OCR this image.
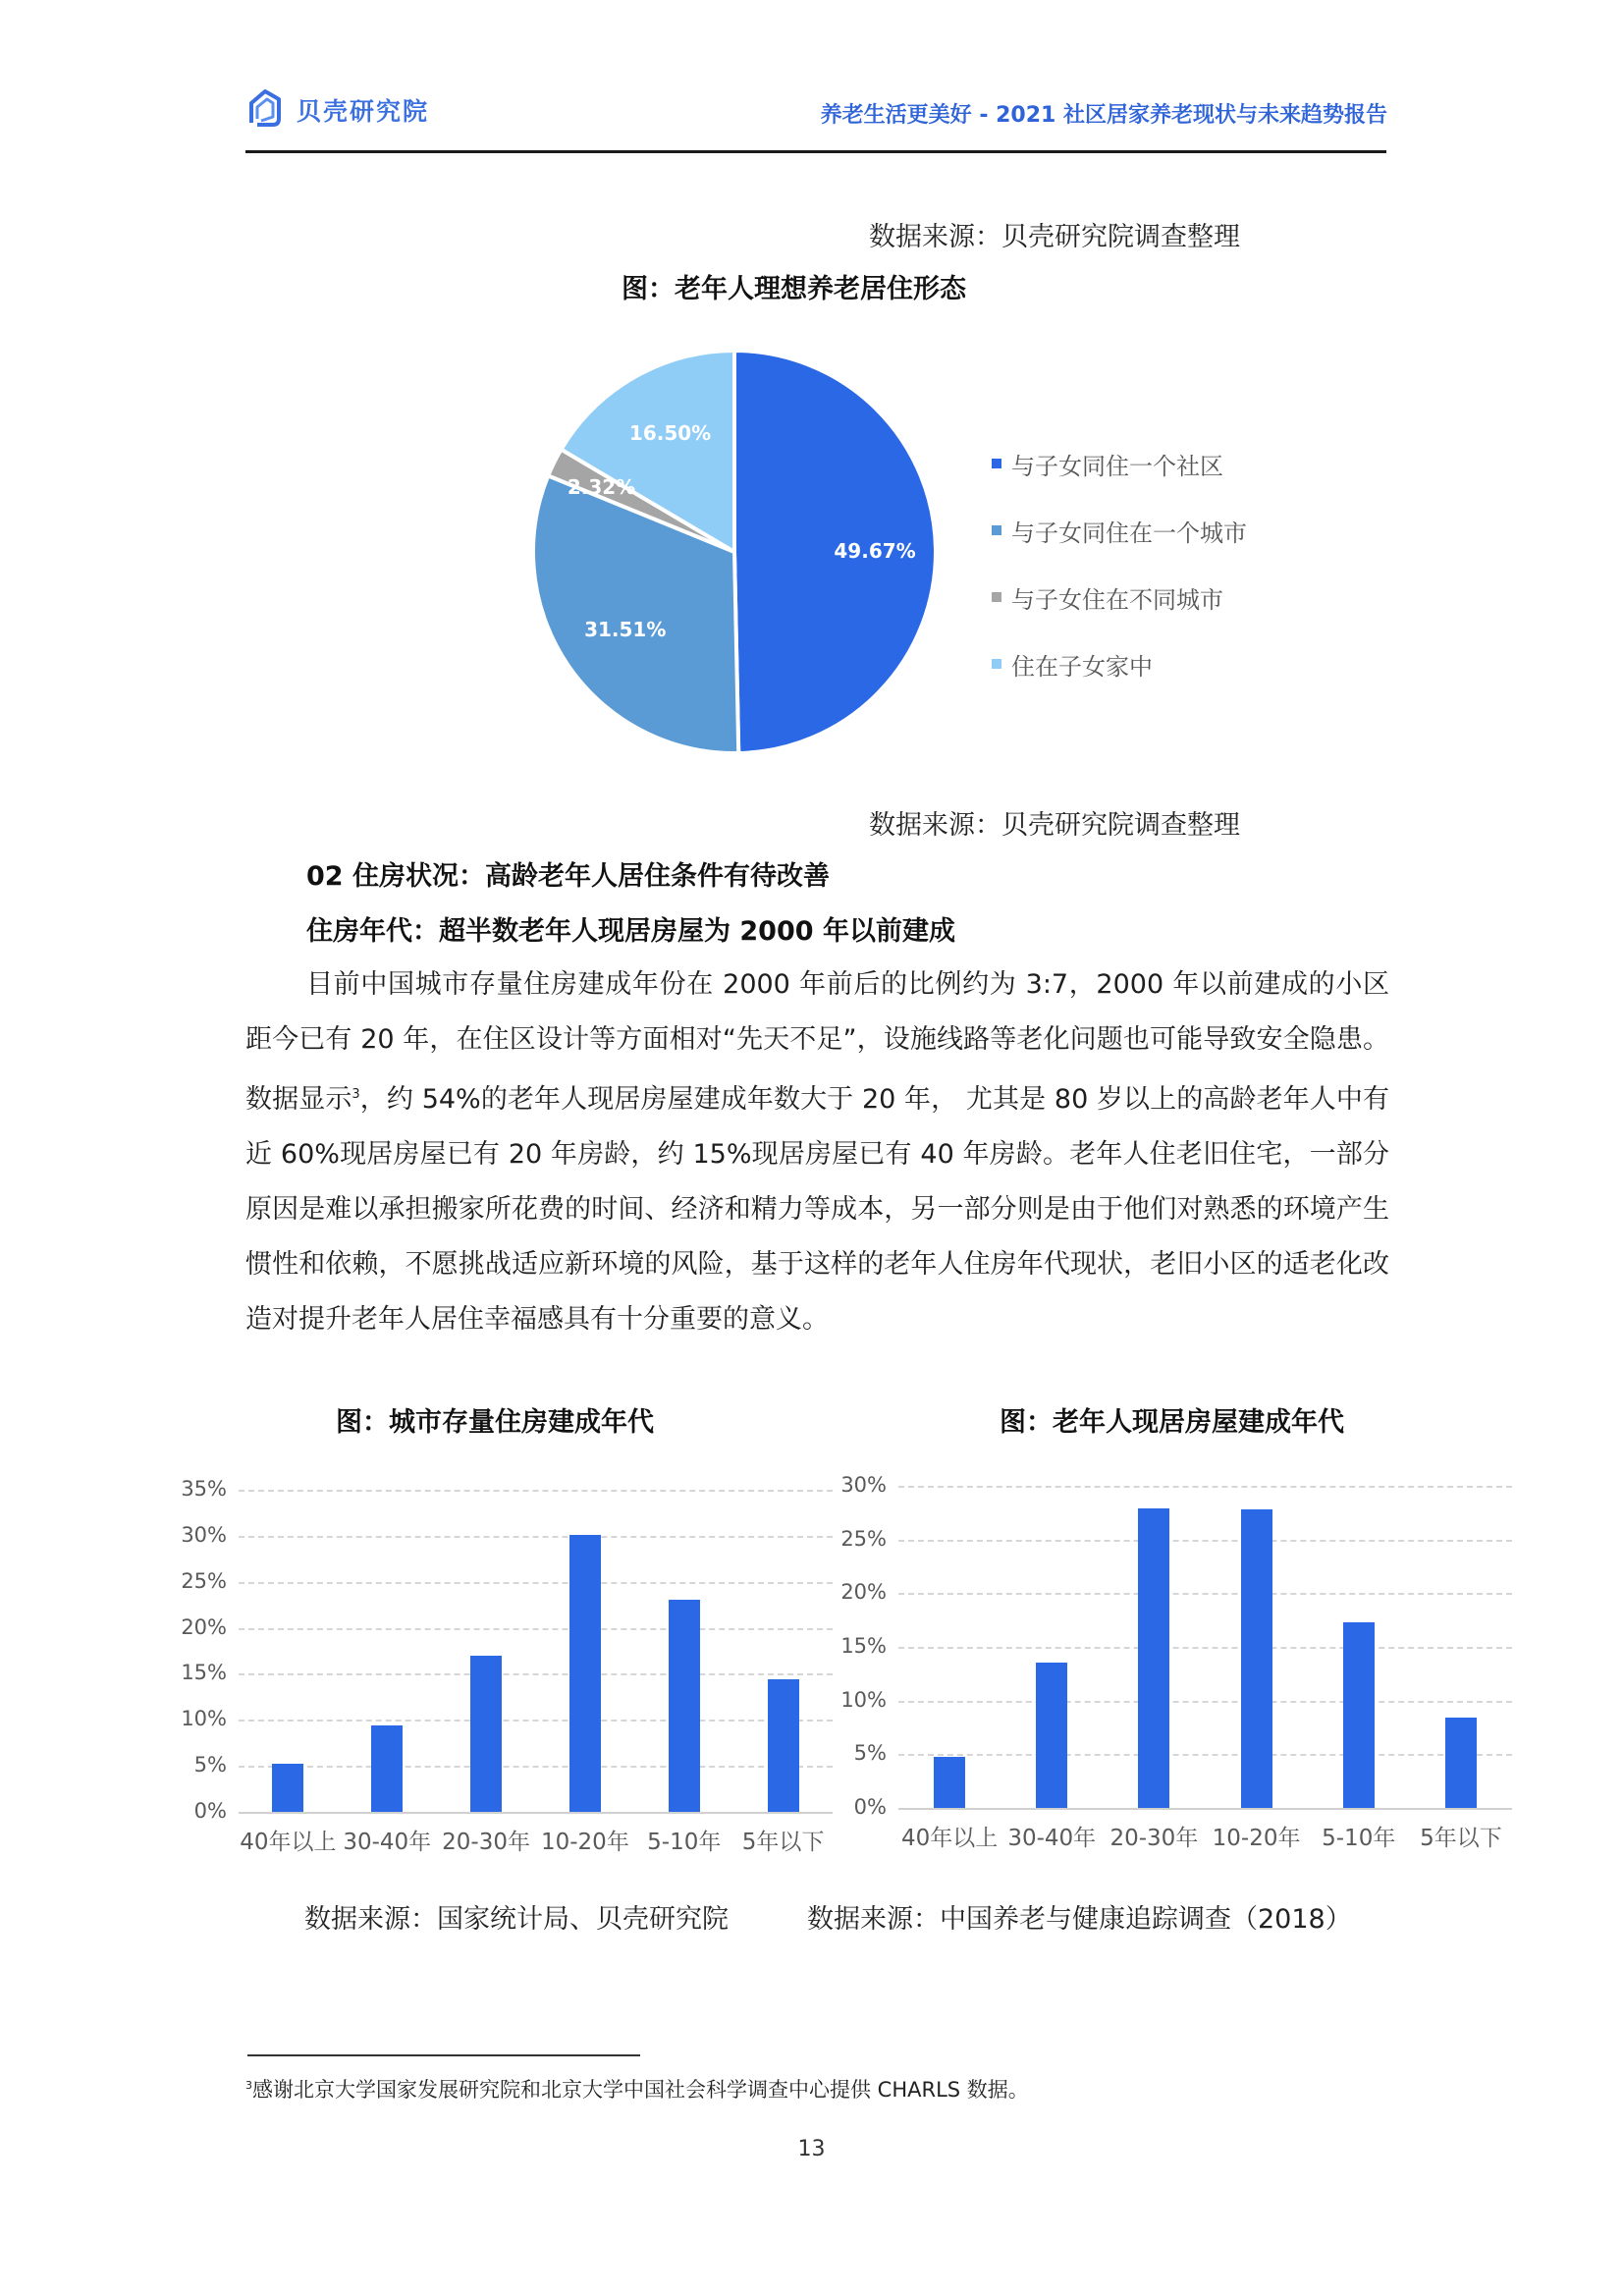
贝壳研究院	养老生活更美好 - 2021 社区居家养老现状与未来趋势报告
数据来源：贝壳研究院调查整理
图：老年人理想养老居住形态
49.67%
31.51%
2.32%
16.50%
与子女同住一个社区
与子女同住在一个城市
与子女住在不同城市
住在子女家中
数据来源：贝壳研究院调查整理
02 住房状况：高龄老年人居住条件有待改善
住房年代：超半数老年人现居房屋为 2000 年以前建成
目前中国城市存量住房建成年份在 2000 年前后的比例约为 3:7，2000 年以前建成的小区距今已有 20 年，在住区设计等方面相对“先天不足”，设施线路等老化问题也可能导致安全隐患。数据显示$^3$，约 54%的老年人现居房屋建成年数大于 20 年， 尤其是 80 岁以上的高龄老年人中有近 60%现居房屋已有 20 年房龄，约 15%现居房屋已有 40 年房龄。老年人住老旧住宅，一部分原因是难以承担搬家所花费的时间、经济和精力等成本，另一部分则是由于他们对熟悉的环境产生惯性和依赖，不愿挑战适应新环境的风险，基于这样的老年人住房年代现状，老旧小区的适老化改造对提升老年人居住幸福感具有十分重要的意义。
图：城市存量住房建成年代	图：老年人现居房屋建成年代
0%
5%
10%
15%
20%
25%
30%
35%
40年以上 30-40年 20-30年 10-20年 5-10年 5年以下
0%
5%
10%
15%
20%
25%
30%
40年以上 30-40年 20-30年 10-20年 5-10年	5年以下
数据来源：国家统计局、贝壳研究院	数据来源：中国养老与健康追踪调查（2018）
$^3$感谢北京大学国家发展研究院和北京大学中国社会科学调查中心提供 CHARLS 数据。
13
